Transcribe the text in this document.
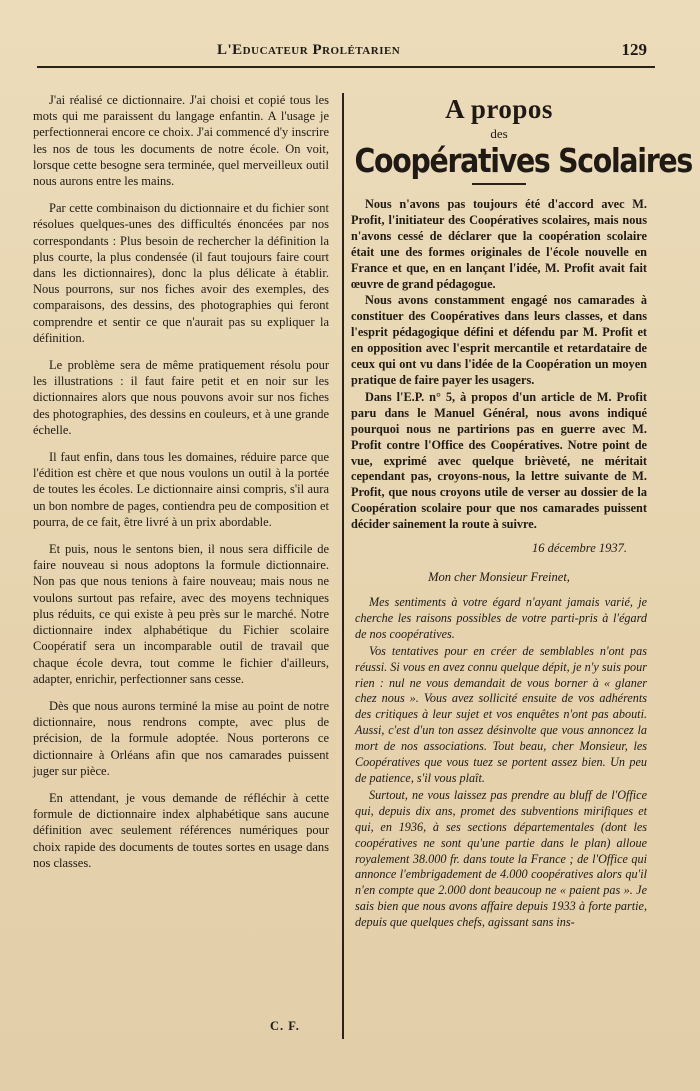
L'Educateur Prolétarien	129

J'ai réalisé ce dictionnaire. J'ai choisi et copié tous les mots qui me paraissent du langage enfantin. A l'usage je perfectionnerai encore ce choix. J'ai commencé d'y inscrire les nos de tous les documents de notre école. On voit, lorsque cette besogne sera terminée, quel merveilleux outil nous aurons entre les mains.

Par cette combinaison du dictionnaire et du fichier sont résolues quelques-unes des difficultés énoncées par nos correspondants : Plus besoin de rechercher la définition la plus courte, la plus condensée (il faut toujours faire court dans les dictionnaires), donc la plus délicate à établir. Nous pourrons, sur nos fiches avoir des exemples, des comparaisons, des dessins, des photographies qui feront comprendre et sentir ce que n'aurait pas su expliquer la définition.

Le problème sera de même pratiquement résolu pour les illustrations : il faut faire petit et en noir sur les dictionnaires alors que nous pouvons avoir sur nos fiches des photographies, des dessins en couleurs, et à une grande échelle.

Il faut enfin, dans tous les domaines, réduire parce que l'édition est chère et que nous voulons un outil à la portée de toutes les écoles. Le dictionnaire ainsi compris, s'il aura un bon nombre de pages, contiendra peu de composition et pourra, de ce fait, être livré à un prix abordable.

Et puis, nous le sentons bien, il nous sera difficile de faire nouveau si nous adoptons la formule dictionnaire. Non pas que nous tenions à faire nouveau; mais nous ne voulons surtout pas refaire, avec des moyens techniques plus réduits, ce qui existe à peu près sur le marché. Notre dictionnaire index alphabétique du Fichier scolaire Coopératif sera un incomparable outil de travail que chaque école devra, tout comme le fichier d'ailleurs, adapter, enrichir, perfectionner sans cesse.

Dès que nous aurons terminé la mise au point de notre dictionnaire, nous rendrons compte, avec plus de précision, de la formule adoptée. Nous porterons ce dictionnaire à Orléans afin que nos camarades puissent juger sur pièce.

En attendant, je vous demande de réfléchir à cette formule de dictionnaire index alphabétique sans aucune définition avec seulement références numériques pour choix rapide des documents de toutes sortes en usage dans nos classes.

C. F.
A propos
des
Coopératives Scolaires

Nous n'avons pas toujours été d'accord avec M. Profit, l'initiateur des Coopératives scolaires, mais nous n'avons cessé de déclarer que la coopération scolaire était une des formes originales de l'école nouvelle en France et que, en en lançant l'idée, M. Profit avait fait œuvre de grand pédagogue.

Nous avons constamment engagé nos camarades à constituer des Coopératives dans leurs classes, et dans l'esprit pédagogique défini et défendu par M. Profit et en opposition avec l'esprit mercantile et retardataire de ceux qui ont vu dans l'idée de la Coopération un moyen pratique de faire payer les usagers.

Dans l'E.P. n° 5, à propos d'un article de M. Profit paru dans le Manuel Général, nous avons indiqué pourquoi nous ne partirions pas en guerre avec M. Profit contre l'Office des Coopératives. Notre point de vue, exprimé avec quelque brièveté, ne méritait cependant pas, croyons-nous, la lettre suivante de M. Profit, que nous croyons utile de verser au dossier de la Coopération scolaire pour que nos camarades puissent décider sainement la route à suivre.

16 décembre 1937.
Mon cher Monsieur Freinet,

Mes sentiments à votre égard n'ayant jamais varié, je cherche les raisons possibles de votre parti-pris à l'égard de nos coopératives.

Vos tentatives pour en créer de semblables n'ont pas réussi. Si vous en avez connu quelque dépit, je n'y suis pour rien : nul ne vous demandait de vous borner à « glaner chez nous ». Vous avez sollicité ensuite de vos adhérents des critiques à leur sujet et vos enquêtes n'ont pas abouti. Aussi, c'est d'un ton assez désinvolte que vous annoncez la mort de nos associations. Tout beau, cher Monsieur, les Coopératives que vous tuez se portent assez bien. Un peu de patience, s'il vous plaît.

Surtout, ne vous laissez pas prendre au bluff de l'Office qui, depuis dix ans, promet des subventions mirifiques et qui, en 1936, à ses sections départementales (dont les coopératives ne sont qu'une partie dans le plan) alloue royalement 38.000 fr. dans toute la France ; de l'Office qui annonce l'embrigadement de 4.000 coopératives alors qu'il n'en compte que 2.000 dont beaucoup ne « paient pas ». Je sais bien que nous avons affaire depuis 1933 à forte partie, depuis que quelques chefs, agissant sans ins-
